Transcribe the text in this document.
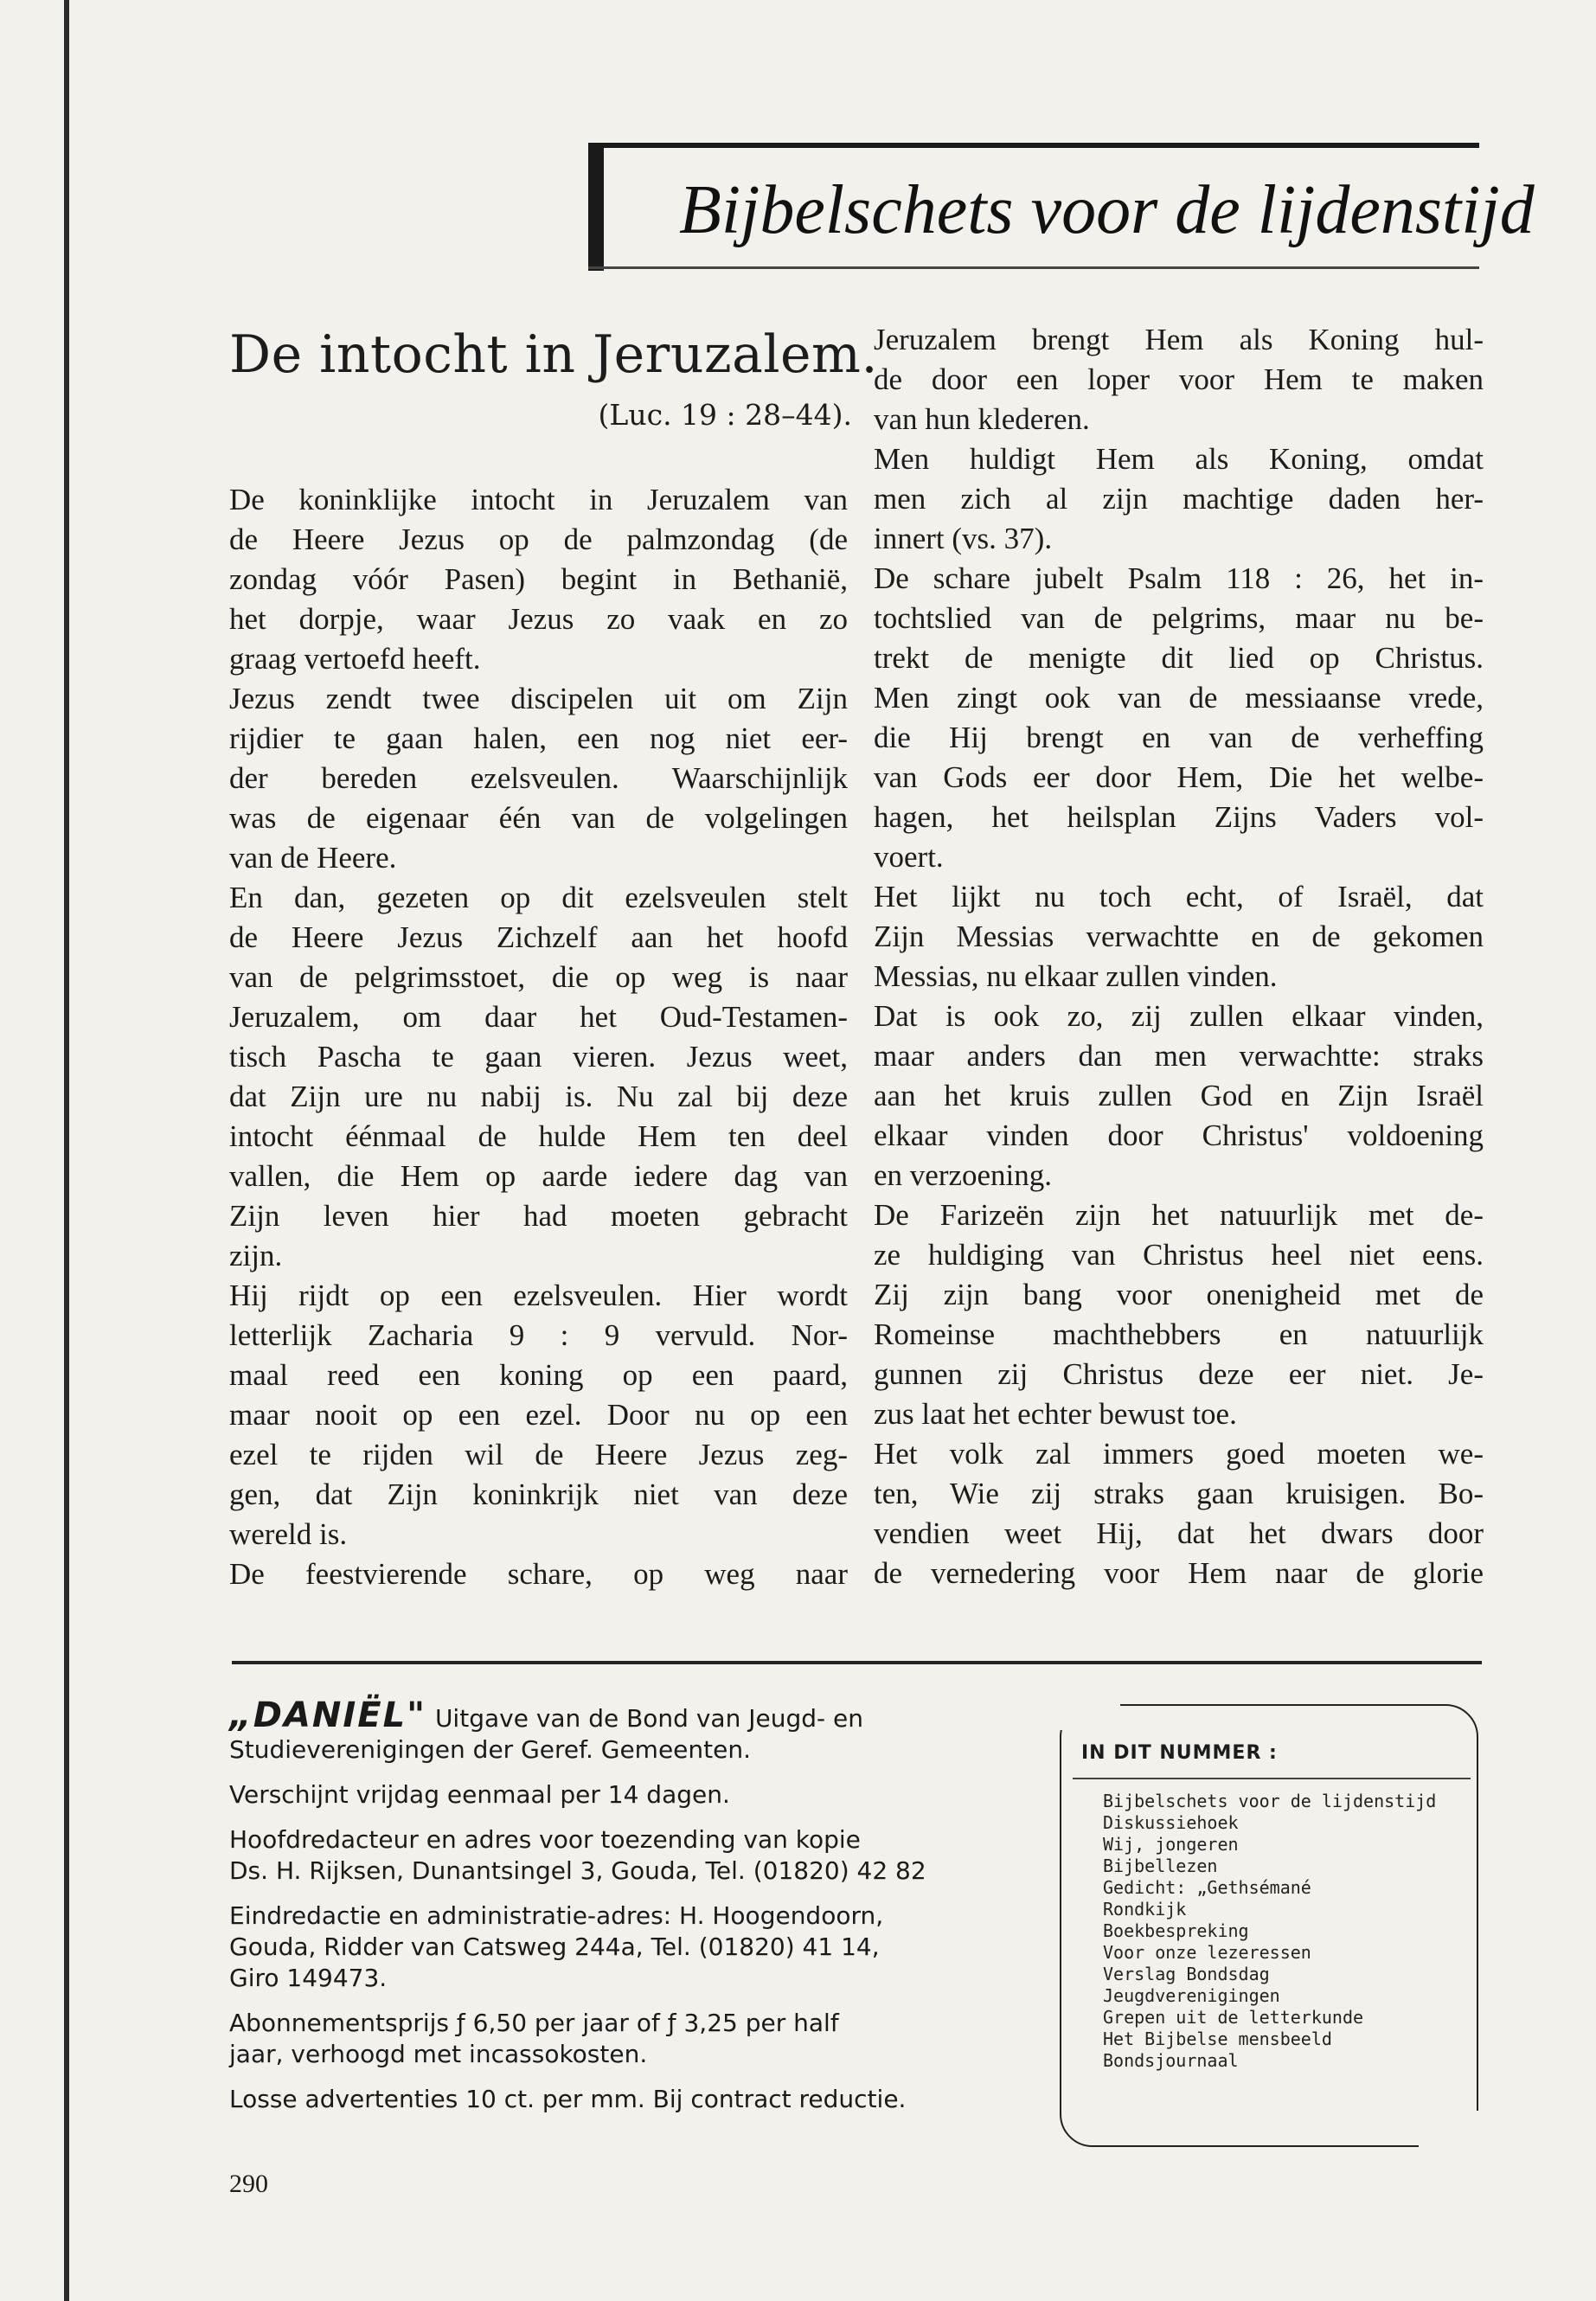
Bijbelschets voor de lijdenstijd
De intocht in Jeruzalem.
(Luc. 19 : 28–44).
De koninklijke intocht in Jeruzalem van
de Heere Jezus op de palmzondag (de
zondag vóór Pasen) begint in Bethanië,
het dorpje, waar Jezus zo vaak en zo
graag vertoefd heeft.
Jezus zendt twee discipelen uit om Zijn
rijdier te gaan halen, een nog niet eer-
der bereden ezelsveulen. Waarschijnlijk
was de eigenaar één van de volgelingen
van de Heere.
En dan, gezeten op dit ezelsveulen stelt
de Heere Jezus Zichzelf aan het hoofd
van de pelgrimsstoet, die op weg is naar
Jeruzalem, om daar het Oud-Testamen-
tisch Pascha te gaan vieren. Jezus weet,
dat Zijn ure nu nabij is. Nu zal bij deze
intocht éénmaal de hulde Hem ten deel
vallen, die Hem op aarde iedere dag van
Zijn leven hier had moeten gebracht
zijn.
Hij rijdt op een ezelsveulen. Hier wordt
letterlijk Zacharia 9 : 9 vervuld. Nor-
maal reed een koning op een paard,
maar nooit op een ezel. Door nu op een
ezel te rijden wil de Heere Jezus zeg-
gen, dat Zijn koninkrijk niet van deze
wereld is.
De feestvierende schare, op weg naar
Jeruzalem brengt Hem als Koning hul-
de door een loper voor Hem te maken
van hun klederen.
Men huldigt Hem als Koning, omdat
men zich al zijn machtige daden her-
innert (vs. 37).
De schare jubelt Psalm 118 : 26, het in-
tochtslied van de pelgrims, maar nu be-
trekt de menigte dit lied op Christus.
Men zingt ook van de messiaanse vrede,
die Hij brengt en van de verheffing
van Gods eer door Hem, Die het welbe-
hagen, het heilsplan Zijns Vaders vol-
voert.
Het lijkt nu toch echt, of Israël, dat
Zijn Messias verwachtte en de gekomen
Messias, nu elkaar zullen vinden.
Dat is ook zo, zij zullen elkaar vinden,
maar anders dan men verwachtte: straks
aan het kruis zullen God en Zijn Israël
elkaar vinden door Christus' voldoening
en verzoening.
De Farizeën zijn het natuurlijk met de-
ze huldiging van Christus heel niet eens.
Zij zijn bang voor onenigheid met de
Romeinse machthebbers en natuurlijk
gunnen zij Christus deze eer niet. Je-
zus laat het echter bewust toe.
Het volk zal immers goed moeten we-
ten, Wie zij straks gaan kruisigen. Bo-
vendien weet Hij, dat het dwars door
de vernedering voor Hem naar de glorie

„DANIËL" Uitgave van de Bond van Jeugd- en
Studieverenigingen der Geref. Gemeenten.

Verschijnt vrijdag eenmaal per 14 dagen.

Hoofdredacteur en adres voor toezending van kopie
Ds. H. Rijksen, Dunantsingel 3, Gouda, Tel. (01820) 42 82

Eindredactie en administratie-adres: H. Hoogendoorn,
Gouda, Ridder van Catsweg 244a, Tel. (01820) 41 14,
Giro 149473.

Abonnementsprijs ƒ 6,50 per jaar of ƒ 3,25 per half
jaar, verhoogd met incassokosten.

Losse advertenties 10 ct. per mm. Bij contract reductie.

IN DIT NUMMER :
Bijbelschets voor de lijdenstijd
Diskussiehoek
Wij, jongeren
Bijbellezen
Gedicht: „Gethsémané
Rondkijk
Boekbespreking
Voor onze lezeressen
Verslag Bondsdag
Jeugdverenigingen
Grepen uit de letterkunde
Het Bijbelse mensbeeld
Bondsjournaal
290
